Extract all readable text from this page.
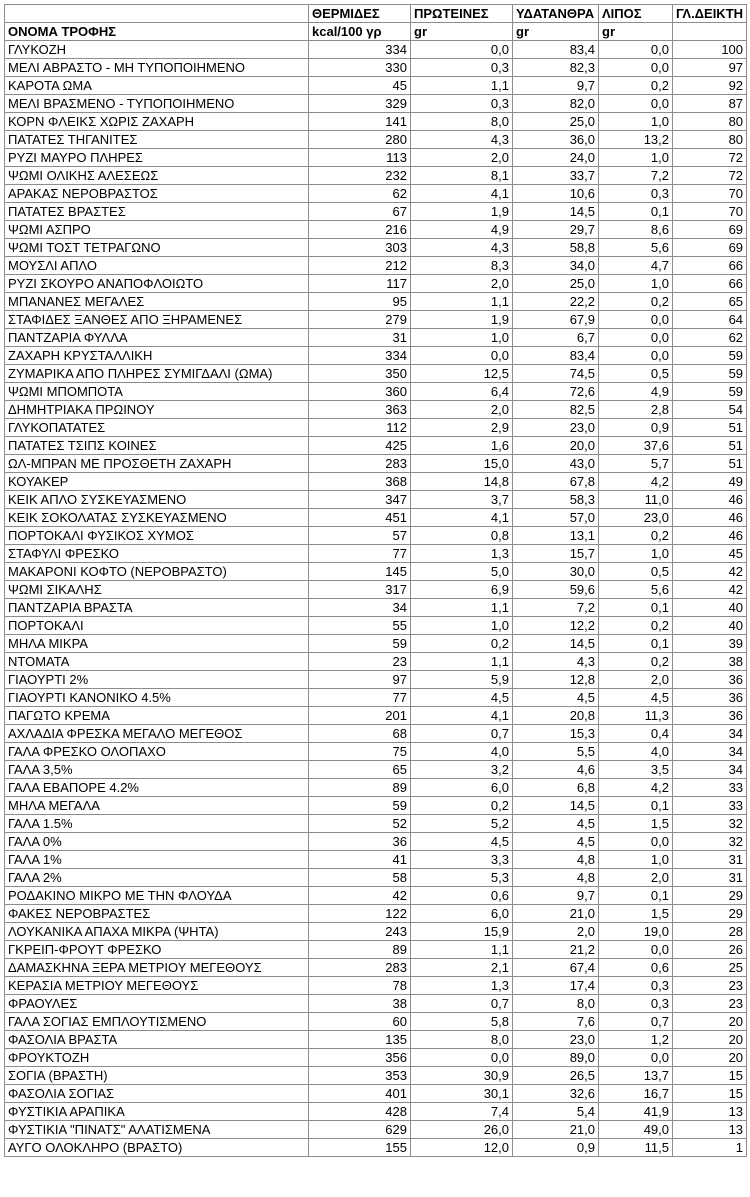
	ΘΕΡΜΙΔΕΣ	ΠΡΩΤΕΙΝΕΣ	ΥΔΑΤΑΝΘΡΑ	ΛΙΠΟΣ	ΓΛ.ΔΕΙΚΤΗ
ΟΝΟΜΑ ΤΡΟΦΗΣ	kcal/100 γρ	gr	gr	gr	
ΓΛΥΚΟΖΗ	334	0,0	83,4	0,0	100
ΜΕΛΙ ΑΒΡΑΣΤΟ - ΜΗ ΤΥΠΟΠΟΙΗΜΕΝΟ	330	0,3	82,3	0,0	97
ΚΑΡΟΤΑ ΩΜΑ	45	1,1	9,7	0,2	92
ΜΕΛΙ ΒΡΑΣΜΕΝΟ - ΤΥΠΟΠΟΙΗΜΕΝΟ	329	0,3	82,0	0,0	87
ΚΟΡΝ ΦΛΕΙΚΣ ΧΩΡΙΣ ΖΑΧΑΡΗ	141	8,0	25,0	1,0	80
ΠΑΤΑΤΕΣ ΤΗΓΑΝΙΤΕΣ	280	4,3	36,0	13,2	80
ΡΥΖΙ ΜΑΥΡΟ ΠΛΗΡΕΣ	113	2,0	24,0	1,0	72
ΨΩΜΙ ΟΛΙΚΗΣ ΑΛΕΣΕΩΣ	232	8,1	33,7	7,2	72
ΑΡΑΚΑΣ ΝΕΡΟΒΡΑΣΤΟΣ	62	4,1	10,6	0,3	70
ΠΑΤΑΤΕΣ ΒΡΑΣΤΕΣ	67	1,9	14,5	0,1	70
ΨΩΜΙ ΑΣΠΡΟ	216	4,9	29,7	8,6	69
ΨΩΜΙ ΤΟΣΤ ΤΕΤΡΑΓΩΝΟ	303	4,3	58,8	5,6	69
ΜΟΥΣΛΙ ΑΠΛΟ	212	8,3	34,0	4,7	66
ΡΥΖΙ ΣΚΟΥΡΟ ΑΝΑΠΟΦΛΟΙΩΤΟ	117	2,0	25,0	1,0	66
ΜΠΑΝΑΝΕΣ ΜΕΓΑΛΕΣ	95	1,1	22,2	0,2	65
ΣΤΑΦΙΔΕΣ ΞΑΝΘΕΣ ΑΠΟ ΞΗΡΑΜΕΝΕΣ	279	1,9	67,9	0,0	64
ΠΑΝΤΖΑΡΙΑ ΦΥΛΛΑ	31	1,0	6,7	0,0	62
ΖΑΧΑΡΗ ΚΡΥΣΤΑΛΛΙΚΗ	334	0,0	83,4	0,0	59
ΖΥΜΑΡΙΚΑ ΑΠΟ ΠΛΗΡΕΣ ΣΥΜΙΓΔΑΛΙ (ΩΜΑ)	350	12,5	74,5	0,5	59
ΨΩΜΙ ΜΠΟΜΠΟΤΑ	360	6,4	72,6	4,9	59
ΔΗΜΗΤΡΙΑΚΑ ΠΡΩΙΝΟΥ	363	2,0	82,5	2,8	54
ΓΛΥΚΟΠΑΤΑΤΕΣ	112	2,9	23,0	0,9	51
ΠΑΤΑΤΕΣ ΤΣΙΠΣ ΚΟΙΝΕΣ	425	1,6	20,0	37,6	51
ΩΛ-ΜΠΡΑΝ ΜΕ ΠΡΟΣΘΕΤΗ ΖΑΧΑΡΗ	283	15,0	43,0	5,7	51
ΚΟΥΑΚΕΡ	368	14,8	67,8	4,2	49
ΚΕΙΚ ΑΠΛΟ ΣΥΣΚΕΥΑΣΜΕΝΟ	347	3,7	58,3	11,0	46
ΚΕΙΚ ΣΟΚΟΛΑΤΑΣ ΣΥΣΚΕΥΑΣΜΕΝΟ	451	4,1	57,0	23,0	46
ΠΟΡΤΟΚΑΛΙ ΦΥΣΙΚΟΣ ΧΥΜΟΣ	57	0,8	13,1	0,2	46
ΣΤΑΦΥΛΙ ΦΡΕΣΚΟ	77	1,3	15,7	1,0	45
ΜΑΚΑΡΟΝΙ ΚΟΦΤΟ (ΝΕΡΟΒΡΑΣΤΟ)	145	5,0	30,0	0,5	42
ΨΩΜΙ ΣΙΚΑΛΗΣ	317	6,9	59,6	5,6	42
ΠΑΝΤΖΑΡΙΑ ΒΡΑΣΤΑ	34	1,1	7,2	0,1	40
ΠΟΡΤΟΚΑΛΙ	55	1,0	12,2	0,2	40
ΜΗΛΑ ΜΙΚΡΑ	59	0,2	14,5	0,1	39
ΝΤΟΜΑΤΑ	23	1,1	4,3	0,2	38
ΓΙΑΟΥΡΤΙ 2%	97	5,9	12,8	2,0	36
ΓΙΑΟΥΡΤΙ ΚΑΝΟΝΙΚΟ 4.5%	77	4,5	4,5	4,5	36
ΠΑΓΩΤΟ ΚΡΕΜΑ	201	4,1	20,8	11,3	36
ΑΧΛΑΔΙΑ ΦΡΕΣΚΑ ΜΕΓΑΛΟ ΜΕΓΕΘΟΣ	68	0,7	15,3	0,4	34
ΓΑΛΑ ΦΡΕΣΚΟ ΟΛΟΠΑΧΟ	75	4,0	5,5	4,0	34
ΓΑΛΑ 3,5%	65	3,2	4,6	3,5	34
ΓΑΛΑ ΕΒΑΠΟΡΕ 4.2%	89	6,0	6,8	4,2	33
ΜΗΛΑ ΜΕΓΑΛΑ	59	0,2	14,5	0,1	33
ΓΑΛΑ 1.5%	52	5,2	4,5	1,5	32
ΓΑΛΑ 0%	36	4,5	4,5	0,0	32
ΓΑΛΑ 1%	41	3,3	4,8	1,0	31
ΓΑΛΑ 2%	58	5,3	4,8	2,0	31
ΡΟΔΑΚΙΝΟ ΜΙΚΡΟ ΜΕ ΤΗΝ ΦΛΟΥΔΑ	42	0,6	9,7	0,1	29
ΦΑΚΕΣ ΝΕΡΟΒΡΑΣΤΕΣ	122	6,0	21,0	1,5	29
ΛΟΥΚΑΝΙΚΑ ΑΠΑΧΑ ΜΙΚΡΑ (ΨΗΤΑ)	243	15,9	2,0	19,0	28
ΓΚΡΕΙΠ-ΦΡΟΥΤ ΦΡΕΣΚΟ	89	1,1	21,2	0,0	26
ΔΑΜΑΣΚΗΝΑ ΞΕΡΑ ΜΕΤΡΙΟΥ ΜΕΓΕΘΟΥΣ	283	2,1	67,4	0,6	25
ΚΕΡΑΣΙΑ ΜΕΤΡΙΟΥ ΜΕΓΕΘΟΥΣ	78	1,3	17,4	0,3	23
ΦΡΑΟΥΛΕΣ	38	0,7	8,0	0,3	23
ΓΑΛΑ ΣΟΓΙΑΣ ΕΜΠΛΟΥΤΙΣΜΕΝΟ	60	5,8	7,6	0,7	20
ΦΑΣΟΛΙΑ ΒΡΑΣΤΑ	135	8,0	23,0	1,2	20
ΦΡΟΥΚΤΟΖΗ	356	0,0	89,0	0,0	20
ΣΟΓΙΑ (ΒΡΑΣΤΗ)	353	30,9	26,5	13,7	15
ΦΑΣΟΛΙΑ ΣΟΓΙΑΣ	401	30,1	32,6	16,7	15
ΦΥΣΤΙΚΙΑ ΑΡΑΠΙΚΑ	428	7,4	5,4	41,9	13
ΦΥΣΤΙΚΙΑ "ΠΙΝΑΤΣ" ΑΛΑΤΙΣΜΕΝΑ	629	26,0	21,0	49,0	13
ΑΥΓΟ ΟΛΟΚΛΗΡΟ (ΒΡΑΣΤΟ)	155	12,0	0,9	11,5	1
